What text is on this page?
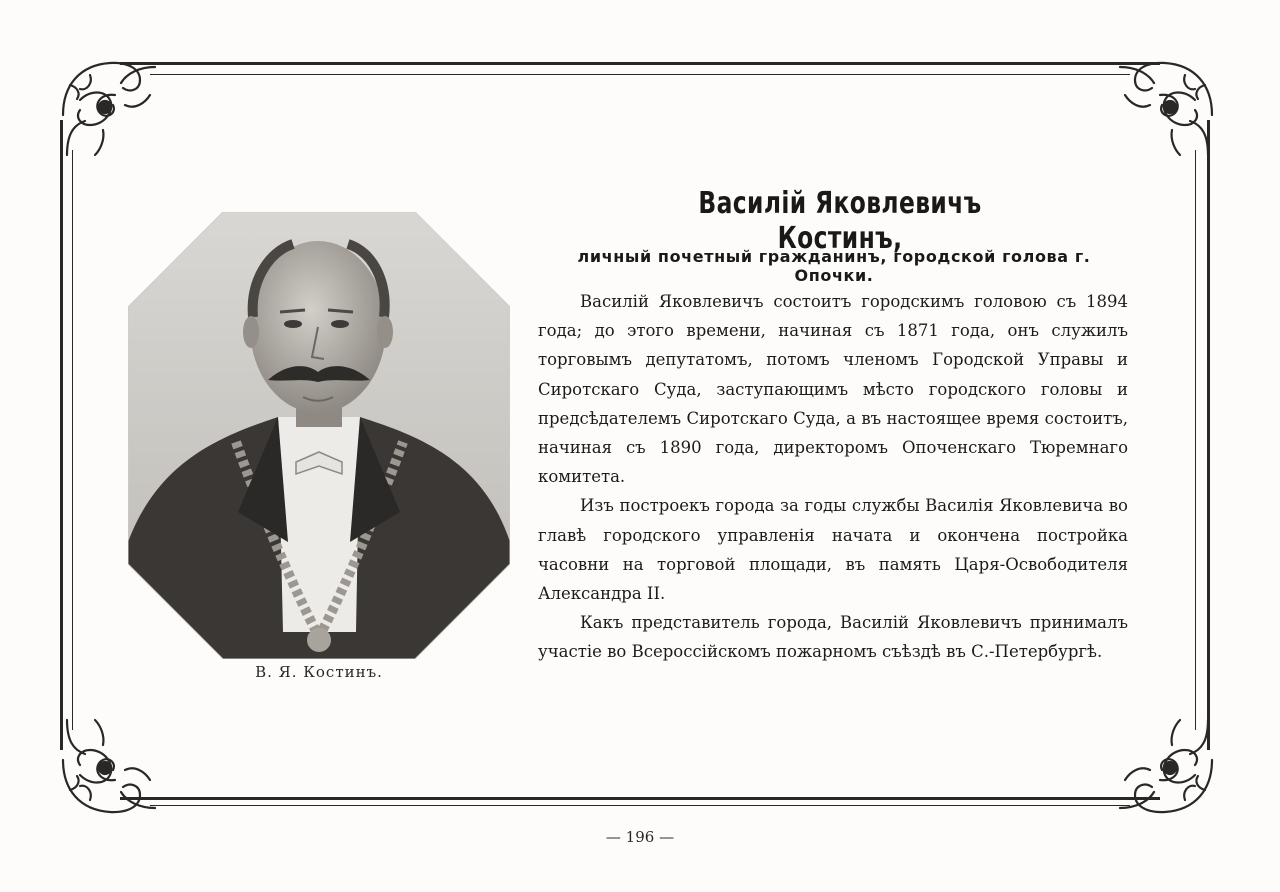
В. Я. Костинъ.
Василій Яковлевичъ Костинъ,
личный почетный гражданинъ, городской голова г. Опочки.

Василій Яковлевичъ состоитъ городскимъ головою съ 1894 года; до этого времени, начиная съ 1871 года, онъ служилъ торговымъ депутатомъ, потомъ членомъ Городской Управы и Сиротскаго Суда, заступающимъ мѣсто городского головы и предсѣдателемъ Сиротскаго Суда, а въ настоящее время состоитъ, начиная съ 1890 года, директоромъ Опоченскаго Тюремнаго комитета.

Изъ построекъ города за годы службы Василія Яковлевича во главѣ городского управленія начата и окончена постройка часовни на торговой площади, въ память Царя-Освободителя Александра II.

Какъ представитель города, Василій Яковлевичъ принималъ участіе во Всероссійскомъ пожарномъ съѣздѣ въ С.-Петербургѣ.

— 196 —
